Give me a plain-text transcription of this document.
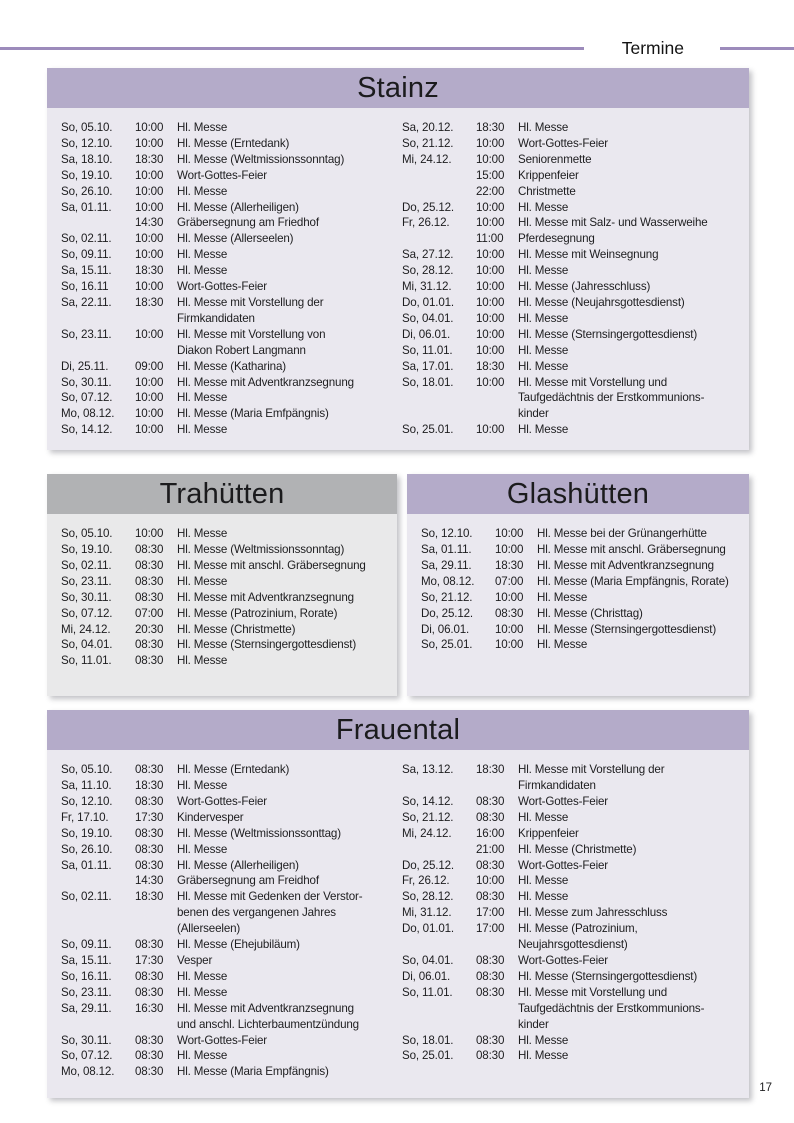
Termine
Stainz
So, 05.10.	10:00	Hl. Messe
So, 12.10.	10:00	Hl. Messe (Erntedank)
Sa, 18.10.	18:30	Hl. Messe (Weltmissionssonntag)
So, 19.10.	10:00	Wort-Gottes-Feier
So, 26.10.	10:00	Hl. Messe
Sa, 01.11.	10:00	Hl. Messe (Allerheiligen)
14:30	Gräbersegnung am Friedhof
So, 02.11.	10:00	Hl. Messe (Allerseelen)
So, 09.11.	10:00	Hl. Messe
Sa, 15.11.	18:30	Hl. Messe
So, 16.11	10:00	Wort-Gottes-Feier
Sa, 22.11.	18:30	Hl. Messe mit Vorstellung der
Firmkandidaten
So, 23.11.	10:00	Hl. Messe mit Vorstellung von
Diakon Robert Langmann
Di, 25.11.	09:00	Hl. Messe (Katharina)
So, 30.11.	10:00	Hl. Messe mit Adventkranzsegnung
So, 07.12.	10:00	Hl. Messe
Mo, 08.12.	10:00	Hl. Messe (Maria Emfpängnis)
So, 14.12.	10:00	Hl. Messe
Sa, 20.12.	18:30	Hl. Messe
So, 21.12.	10:00	Wort-Gottes-Feier
Mi, 24.12.	10:00	Seniorenmette
15:00	Krippenfeier
22:00	Christmette
Do, 25.12.	10:00	Hl. Messe
Fr, 26.12.	10:00	Hl. Messe mit Salz- und Wasserweihe
11:00	Pferdesegnung
Sa, 27.12.	10:00	Hl. Messe mit Weinsegnung
So, 28.12.	10:00	Hl. Messe
Mi, 31.12.	10:00	Hl. Messe (Jahresschluss)
Do, 01.01.	10:00	Hl. Messe (Neujahrsgottesdienst)
So, 04.01.	10:00	Hl. Messe
Di, 06.01.	10:00	Hl. Messe (Sternsingergottesdienst)
So, 11.01.	10:00	Hl. Messe
Sa, 17.01.	18:30	Hl. Messe
So, 18.01.	10:00	Hl. Messe mit Vorstellung und
Taufgedächtnis der Erstkommunions-
kinder
So, 25.01.	10:00	Hl. Messe
Trahütten
So, 05.10.	10:00	Hl. Messe
So, 19.10.	08:30	Hl. Messe (Weltmissionssonntag)
So, 02.11.	08:30	Hl. Messe mit anschl. Gräbersegnung
So, 23.11.	08:30	Hl. Messe
So, 30.11.	08:30	Hl. Messe mit Adventkranzsegnung
So, 07.12.	07:00	Hl. Messe (Patrozinium, Rorate)
Mi, 24.12.	20:30	Hl. Messe (Christmette)
So, 04.01.	08:30	Hl. Messe (Sternsingergottesdienst)
So, 11.01.	08:30	Hl. Messe
Glashütten
So, 12.10.	10:00	Hl. Messe bei der Grünangerhütte
Sa, 01.11.	10:00	Hl. Messe mit anschl. Gräbersegnung
Sa, 29.11.	18:30	Hl. Messe mit Adventkranzsegnung
Mo, 08.12.	07:00	Hl. Messe (Maria Empfängnis, Rorate)
So, 21.12.	10:00	Hl. Messe
Do, 25.12.	08:30	Hl. Messe (Christtag)
Di, 06.01.	10:00	Hl. Messe (Sternsingergottesdienst)
So, 25.01.	10:00	Hl. Messe
Frauental
So, 05.10.	08:30	Hl. Messe (Erntedank)
Sa, 11.10.	18:30	Hl. Messe
So, 12.10.	08:30	Wort-Gottes-Feier
Fr, 17.10.	17:30	Kindervesper
So, 19.10.	08:30	Hl. Messe (Weltmissionssonttag)
So, 26.10.	08:30	Hl. Messe
Sa, 01.11.	08:30	Hl. Messe (Allerheiligen)
14:30	Gräbersegnung am Freidhof
So, 02.11.	18:30	Hl. Messe mit Gedenken der Verstor-
benen des vergangenen Jahres
(Allerseelen)
So, 09.11.	08:30	Hl. Messe (Ehejubiläum)
Sa, 15.11.	17:30	Vesper
So, 16.11.	08:30	Hl. Messe
So, 23.11.	08:30	Hl. Messe
Sa, 29.11.	16:30	Hl. Messe mit Adventkranzsegnung
und anschl. Lichterbaumentzündung
So, 30.11.	08:30	Wort-Gottes-Feier
So, 07.12.	08:30	Hl. Messe
Mo, 08.12.	08:30	Hl. Messe (Maria Empfängnis)
Sa, 13.12.	18:30	Hl. Messe mit Vorstellung der
Firmkandidaten
So, 14.12.	08:30	Wort-Gottes-Feier
So, 21.12.	08:30	Hl. Messe
Mi, 24.12.	16:00	Krippenfeier
21:00	Hl. Messe (Christmette)
Do, 25.12.	08:30	Wort-Gottes-Feier
Fr, 26.12.	10:00	Hl. Messe
So, 28.12.	08:30	Hl. Messe
Mi, 31.12.	17:00	Hl. Messe zum Jahresschluss
Do, 01.01.	17:00	Hl. Messe (Patrozinium,
Neujahrsgottesdienst)
So, 04.01.	08:30	Wort-Gottes-Feier
Di, 06.01.	08:30	Hl. Messe (Sternsingergottesdienst)
So, 11.01.	08:30	Hl. Messe mit Vorstellung und
Taufgedächtnis der Erstkommunions-
kinder
So, 18.01.	08:30	Hl. Messe
So, 25.01.	08:30	Hl. Messe
17
